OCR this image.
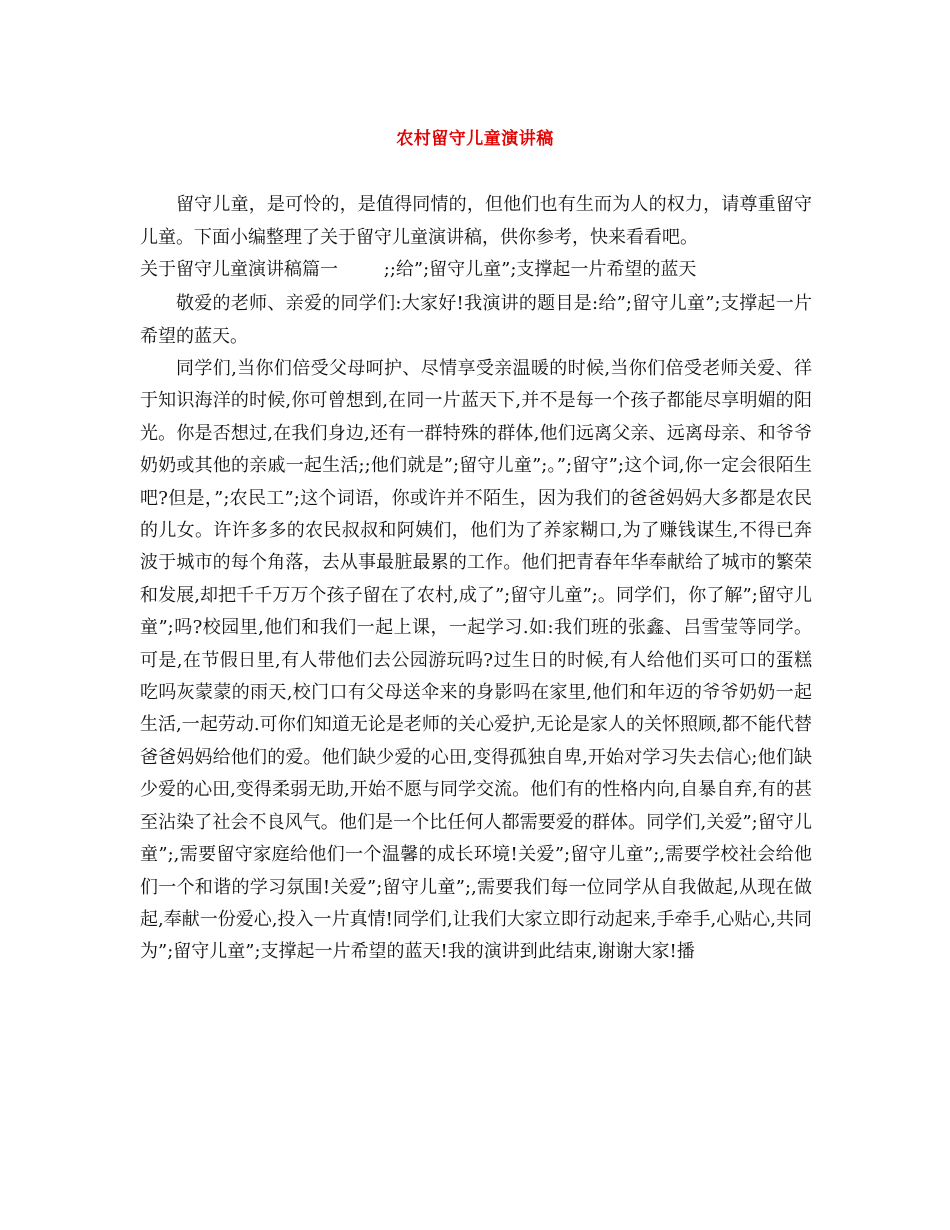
农村留守儿童演讲稿

留守儿童，是可怜的，是值得同情的，但他们也有生而为人的权力，请尊重留守儿童。下面小编整理了关于留守儿童演讲稿，供你参考，快来看看吧。

关于留守儿童演讲稿篇一        ;;给”;留守儿童”;支撑起一片希望的蓝天

敬爱的老师、亲爱的同学们:大家好!我演讲的题目是:给”;留守儿童”;支撑起一片希望的蓝天。

同学们,当你们倍受父母呵护、尽情享受亲温暖的时候,当你们倍受老师关爱、徉于知识海洋的时候,你可曾想到,在同一片蓝天下,并不是每一个孩子都能尽享明媚的阳光。你是否想过,在我们身边,还有一群特殊的群体,他们远离父亲、远离母亲、和爷爷奶奶或其他的亲戚一起生活;;他们就是”;留守儿童”;。”;留守”;这个词,你一定会很陌生吧?但是，”;农民工”;这个词语，你或许并不陌生，因为我们的爸爸妈妈大多都是农民的儿女。许许多多的农民叔叔和阿姨们，他们为了养家糊口,为了赚钱谋生,不得已奔波于城市的每个角落，去从事最脏最累的工作。他们把青春年华奉献给了城市的繁荣和发展,却把千千万万个孩子留在了农村,成了”;留守儿童”;。同学们，你了解”;留守儿童”;吗?校园里,他们和我们一起上课，一起学习.如:我们班的张鑫、吕雪莹等同学。可是,在节假日里,有人带他们去公园游玩吗?过生日的时候,有人给他们买可口的蛋糕吃吗灰蒙蒙的雨天,校门口有父母送伞来的身影吗在家里,他们和年迈的爷爷奶奶一起生活,一起劳动.可你们知道无论是老师的关心爱护,无论是家人的关怀照顾,都不能代替爸爸妈妈给他们的爱。他们缺少爱的心田,变得孤独自卑,开始对学习失去信心;他们缺少爱的心田,变得柔弱无助,开始不愿与同学交流。他们有的性格内向,自暴自弃,有的甚至沾染了社会不良风气。他们是一个比任何人都需要爱的群体。同学们,关爱”;留守儿童”;,需要留守家庭给他们一个温馨的成长环境!关爱”;留守儿童”;,需要学校社会给他们一个和谐的学习氛围!关爱”;留守儿童”;,需要我们每一位同学从自我做起,从现在做起,奉献一份爱心,投入一片真情!同学们,让我们大家立即行动起来,手牵手,心贴心,共同为”;留守儿童”;支撑起一片希望的蓝天!我的演讲到此结束,谢谢大家!播
